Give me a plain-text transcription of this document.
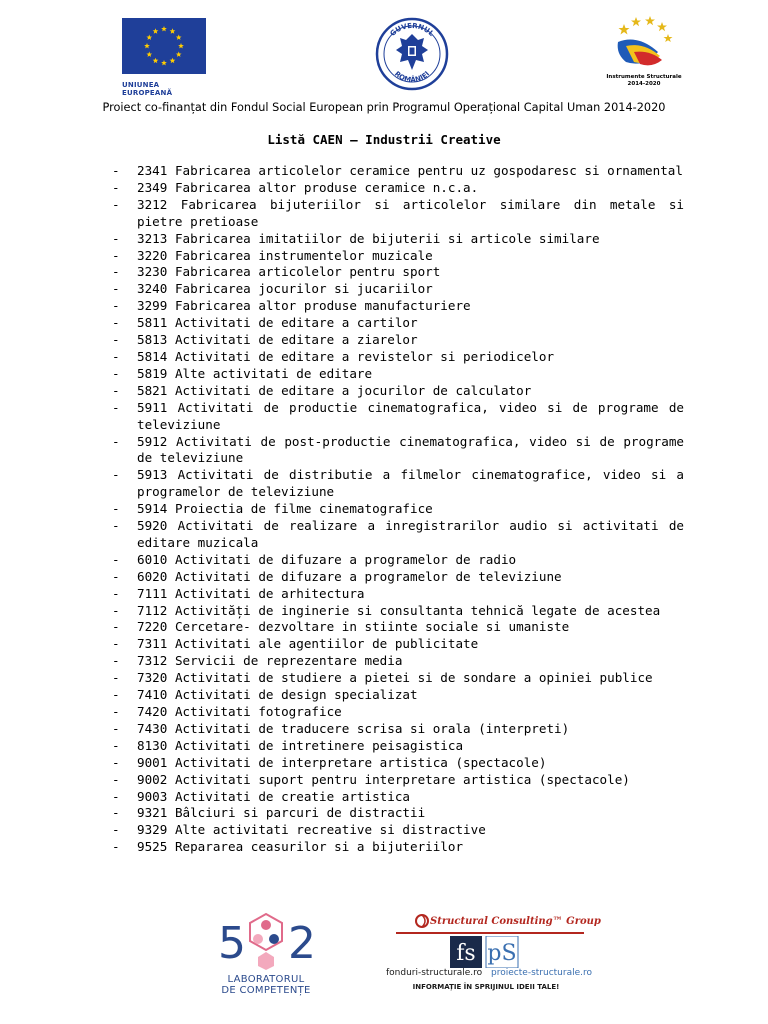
UNIUNEA EUROPEANĂ
GUVERNUL
ROMÂNIEI	Instrumente Structurale
2014-2020
Proiect co-finanțat din Fondul Social European prin Programul Operațional Capital Uman 2014-2020
Listă CAEN – Industrii Creative
- 2341 Fabricarea articolelor ceramice pentru uz gospodaresc si ornamental
- 2349 Fabricarea altor produse ceramice n.c.a.
- 3212 Fabricarea bijuteriilor si articolelor similare din metale si pietre pretioase
- 3213 Fabricarea imitatiilor de bijuterii si articole similare
- 3220 Fabricarea instrumentelor muzicale
- 3230 Fabricarea articolelor pentru sport
- 3240 Fabricarea jocurilor si jucariilor
- 3299 Fabricarea altor produse manufacturiere
- 5811 Activitati de editare a cartilor
- 5813 Activitati de editare a ziarelor
- 5814 Activitati de editare a revistelor si periodicelor
- 5819 Alte activitati de editare
- 5821 Activitati de editare a jocurilor de calculator
- 5911 Activitati de productie cinematografica, video si de programe de televiziune
- 5912 Activitati de post-productie cinematografica, video si de programe de televiziune
- 5913 Activitati de distributie a filmelor cinematografice, video si a programelor de televiziune
- 5914 Proiectia de filme cinematografice
- 5920 Activitati de realizare a inregistrarilor audio si activitati de editare muzicala
- 6010 Activitati de difuzare a programelor de radio
- 6020 Activitati de difuzare a programelor de televiziune
- 7111 Activitati de arhitectura
- 7112 Activități de inginerie si consultanta tehnică legate de acestea
- 7220 Cercetare- dezvoltare in stiinte sociale si umaniste
- 7311 Activitati ale agentiilor de publicitate
- 7312 Servicii de reprezentare media
- 7320 Activitati de studiere a pietei si de sondare a opiniei publice
- 7410 Activitati de design specializat
- 7420 Activitati fotografice
- 7430 Activitati de traducere scrisa si orala (interpreti)
- 8130 Activitati de intretinere peisagistica
- 9001 Activitati de interpretare artistica (spectacole)
- 9002 Activitati suport pentru interpretare artistica (spectacole)
- 9003 Activitati de creatie artistica
- 9321 Bâlciuri si parcuri de distractii
- 9329 Alte activitati recreative si distractive
- 9525 Repararea ceasurilor si a bijuteriilor
5 2
LABORATORUL
DE COMPETENȚE
Structural Consulting™ Group
fs pS
fonduri-structurale.ro proiecte-structurale.ro
INFORMAȚIE ÎN SPRIJINUL IDEII TALE!
